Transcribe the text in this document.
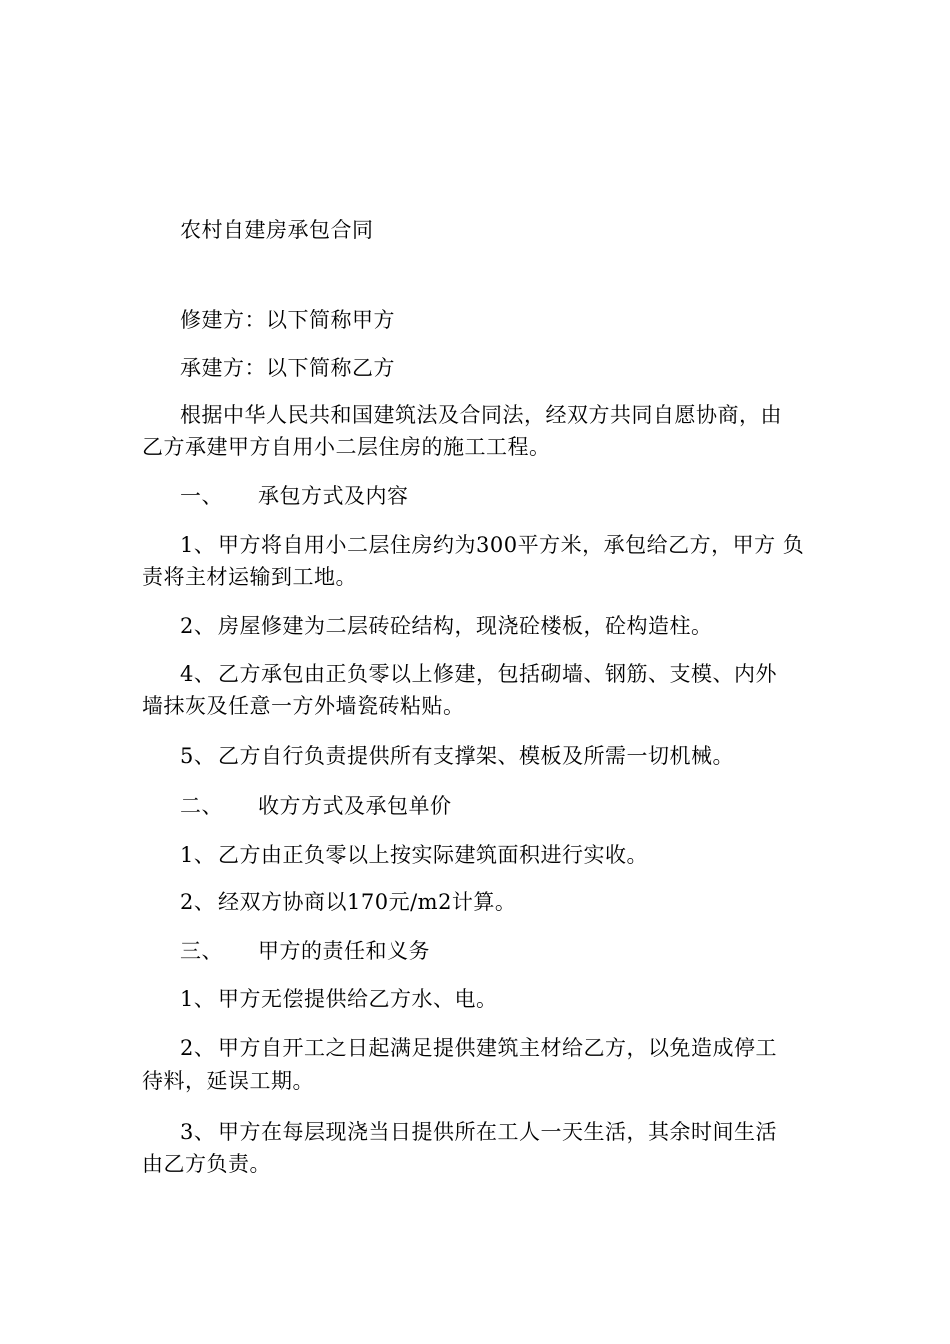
农村自建房承包合同
修建方：以下简称甲方
承建方：以下简称乙方
根据中华人民共和国建筑法及合同法，经双方共同自愿协商，由
乙方承建甲方自用小二层住房的施工工程。
一、 承包方式及内容
1、 甲方将自用小二层住房约为300平方米，承包给乙方，甲方 负
责将主材运输到工地。
2、 房屋修建为二层砖砼结构，现浇砼楼板，砼构造柱。
4、 乙方承包由正负零以上修建，包括砌墙、钢筋、支模、内外
墙抹灰及任意一方外墙瓷砖粘贴。
5、 乙方自行负责提供所有支撑架、模板及所需一切机械。
二、 收方方式及承包单价
1、 乙方由正负零以上按实际建筑面积进行实收。
2、 经双方协商以170元/m2计算。
三、 甲方的责任和义务
1、 甲方无偿提供给乙方水、电。
2、 甲方自开工之日起满足提供建筑主材给乙方，以免造成停工
待料，延误工期。
3、 甲方在每层现浇当日提供所在工人一天生活，其余时间生活
由乙方负责。
